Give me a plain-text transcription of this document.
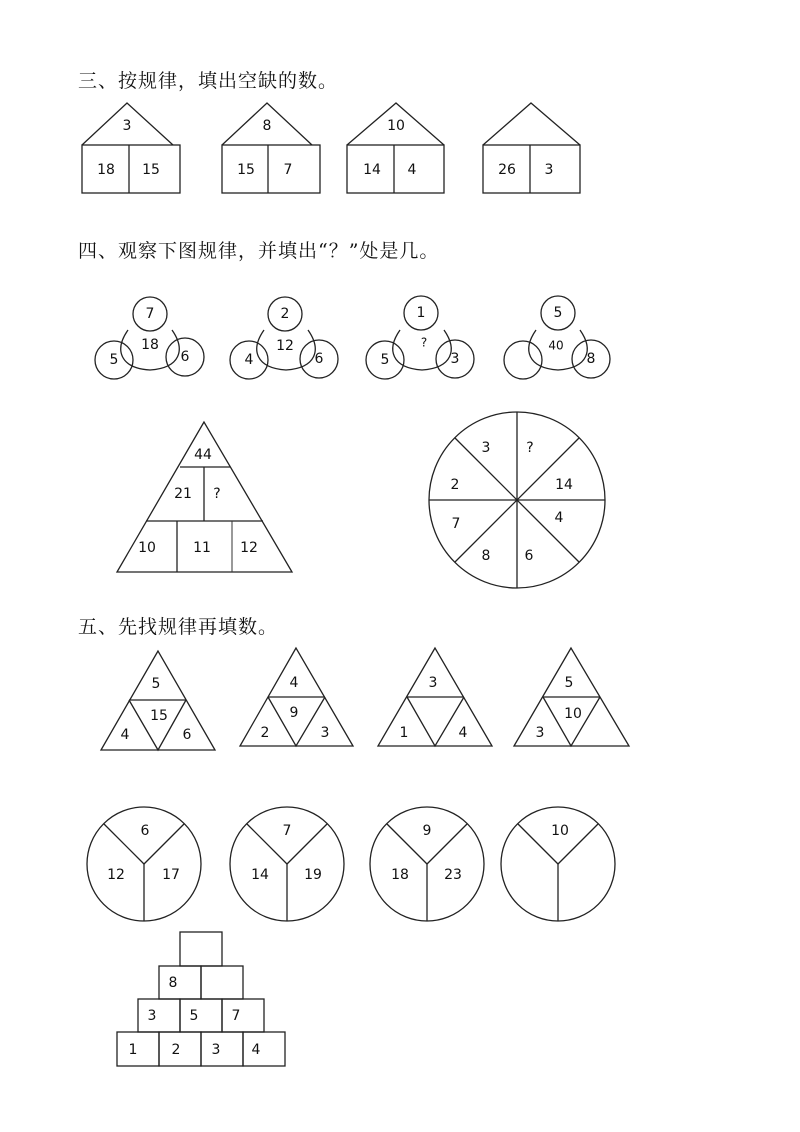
三、按规律，填出空缺的数。
四、观察下图规律，并填出“？”处是几。
五、先找规律再填数。
3
18 15
8
15 7
10
14 4	26 3
7
5	6
18
2
4	6
12
1
5	3
?
5
8
40
44
21 ?
10	11 12
3	?
14
4
6
8
7
2
5
4	6
15
4
2	3
9
3
1	4
5
3
10
6
12	17
7
14	19
9
18	23
10
8
3 5 7
1 2 3 4
